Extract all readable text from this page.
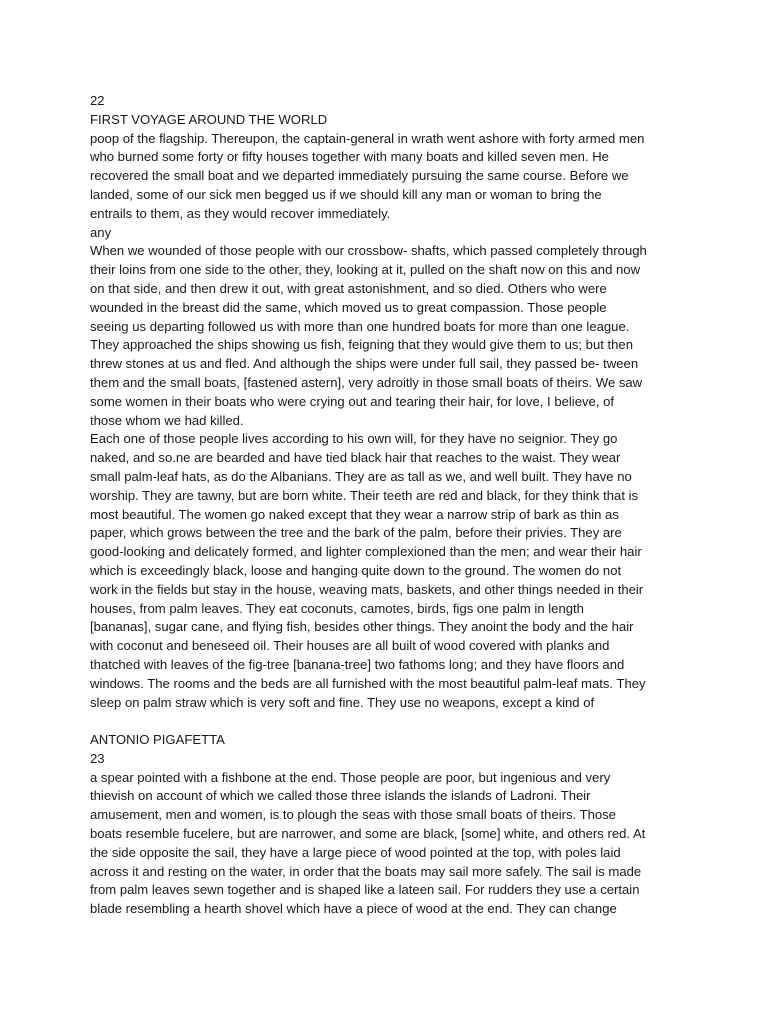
22
FIRST VOYAGE AROUND THE WORLD
poop of the flagship. Thereupon, the captain-general in wrath went ashore with forty armed men
who burned some forty or fifty houses together with many boats and killed seven men. He
recovered the small boat and we departed immediately pursuing the same course. Before we
landed, some of our sick men begged us if we should kill any man or woman to bring the
entrails to them, as they would recover immediately.
any
When we wounded of those people with our crossbow- shafts, which passed completely through
their loins from one side to the other, they, looking at it, pulled on the shaft now on this and now
on that side, and then drew it out, with great astonishment, and so died. Others who were
wounded in the breast did the same, which moved us to great compassion. Those people
seeing us departing followed us with more than one hundred boats for more than one league.
They approached the ships showing us fish, feigning that they would give them to us; but then
threw stones at us and fled. And although the ships were under full sail, they passed be- tween
them and the small boats, [fastened astern], very adroitly in those small boats of theirs. We saw
some women in their boats who were crying out and tearing their hair, for love, I believe, of
those whom we had killed.
Each one of those people lives according to his own will, for they have no seignior. They go
naked, and so.ne are bearded and have tied black hair that reaches to the waist. They wear
small palm-leaf hats, as do the Albanians. They are as tall as we, and well built. They have no
worship. They are tawny, but are born white. Their teeth are red and black, for they think that is
most beautiful. The women go naked except that they wear a narrow strip of bark as thin as
paper, which grows between the tree and the bark of the palm, before their privies. They are
good-looking and delicately formed, and lighter complexioned than the men; and wear their hair
which is exceedingly black, loose and hanging quite down to the ground. The women do not
work in the fields but stay in the house, weaving mats, baskets, and other things needed in their
houses, from palm leaves. They eat coconuts, camotes, birds, figs one palm in length
[bananas], sugar cane, and flying fish, besides other things. They anoint the body and the hair
with coconut and beneseed oil. Their houses are all built of wood covered with planks and
thatched with leaves of the fig-tree [banana-tree] two fathoms long; and they have floors and
windows. The rooms and the beds are all furnished with the most beautiful palm-leaf mats. They
sleep on palm straw which is very soft and fine. They use no weapons, except a kind of
ANTONIO PIGAFETTA
23
a spear pointed with a fishbone at the end. Those people are poor, but ingenious and very
thievish on account of which we called those three islands the islands of Ladroni. Their
amusement, men and women, is to plough the seas with those small boats of theirs. Those
boats resemble fucelere, but are narrower, and some are black, [some] white, and others red. At
the side opposite the sail, they have a large piece of wood pointed at the top, with poles laid
across it and resting on the water, in order that the boats may sail more safely. The sail is made
from palm leaves sewn together and is shaped like a lateen sail. For rudders they use a certain
blade resembling a hearth shovel which have a piece of wood at the end. They can change
